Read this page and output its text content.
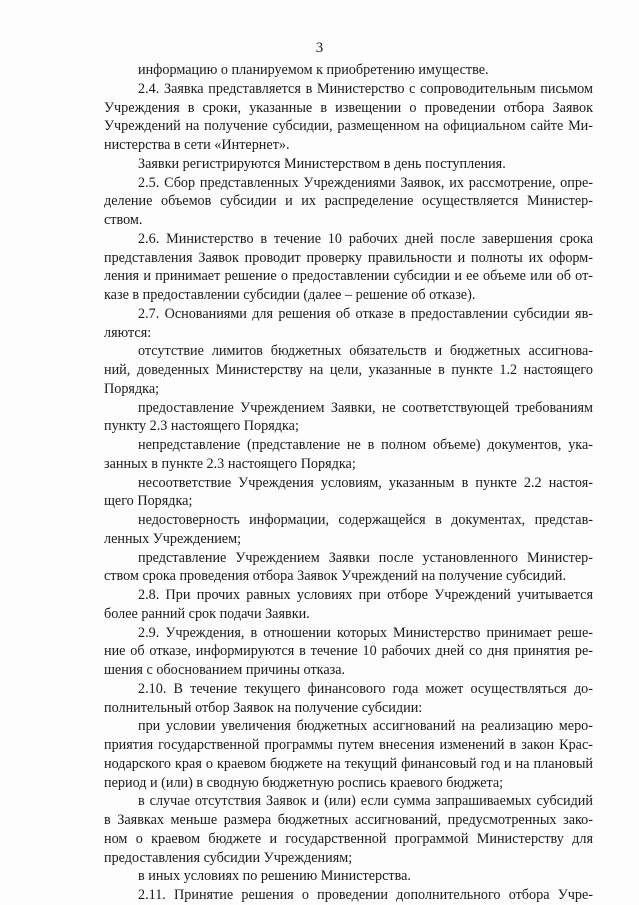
3
информацию о планируемом к приобретению имуществе.
2.4. Заявка представляется в Министерство с сопроводительным письмом
Учреждения в сроки, указанные в извещении о проведении отбора Заявок
Учреждений на получение субсидии, размещенном на официальном сайте Ми-
нистерства в сети «Интернет».
Заявки регистрируются Министерством в день поступления.
2.5. Сбор представленных Учреждениями Заявок, их рассмотрение, опре-
деление объемов субсидии и их распределение осуществляется Министер-
ством.
2.6. Министерство в течение 10 рабочих дней после завершения срока
представления Заявок проводит проверку правильности и полноты их оформ-
ления и принимает решение о предоставлении субсидии и ее объеме или об от-
казе в предоставлении субсидии (далее – решение об отказе).
2.7. Основаниями для решения об отказе в предоставлении субсидии яв-
ляются:
отсутствие лимитов бюджетных обязательств и бюджетных ассигнова-
ний, доведенных Министерству на цели, указанные в пункте 1.2 настоящего
Порядка;
предоставление Учреждением Заявки, не соответствующей требованиям
пункту 2.3 настоящего Порядка;
непредставление (представление не в полном объеме) документов, ука-
занных в пункте 2.3 настоящего Порядка;
несоответствие Учреждения условиям, указанным в пункте 2.2 настоя-
щего Порядка;
недостоверность информации, содержащейся в документах, представ-
ленных Учреждением;
представление Учреждением Заявки после установленного Министер-
ством срока проведения отбора Заявок Учреждений на получение субсидий.
2.8. При прочих равных условиях при отборе Учреждений учитывается
более ранний срок подачи Заявки.
2.9. Учреждения, в отношении которых Министерство принимает реше-
ние об отказе, информируются в течение 10 рабочих дней со дня принятия ре-
шения с обоснованием причины отказа.
2.10. В течение текущего финансового года может осуществляться до-
полнительный отбор Заявок на получение субсидии:
при условии увеличения бюджетных ассигнований на реализацию меро-
приятия государственной программы путем внесения изменений в закон Крас-
нодарского края о краевом бюджете на текущий финансовый год и на плановый
период и (или) в сводную бюджетную роспись краевого бюджета;
в случае отсутствия Заявок и (или) если сумма запрашиваемых субсидий
в Заявках меньше размера бюджетных ассигнований, предусмотренных зако-
ном о краевом бюджете и государственной программой Министерству для
предоставления субсидии Учреждениям;
в иных условиях по решению Министерства.
2.11. Принятие решения о проведении дополнительного отбора Учре-
